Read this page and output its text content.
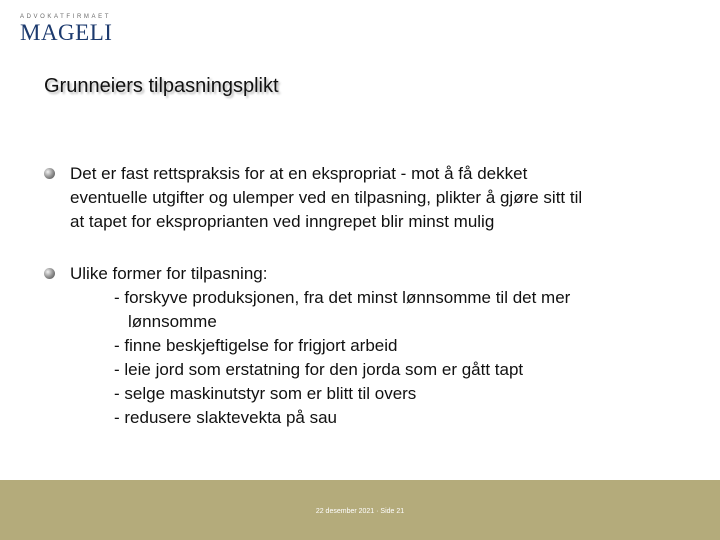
ADVOKATFIRMAET
MAGELI
Grunneiers tilpasningsplikt
Det er fast rettspraksis for at en ekspropriat - mot å få dekket
eventuelle utgifter og ulemper ved en tilpasning, plikter å gjøre sitt til
at tapet for eksproprianten ved inngrepet blir minst mulig
Ulike former for tilpasning:
- forskyve produksjonen, fra det minst lønnsomme til det mer
lønnsomme
- finne beskjeftigelse for frigjort arbeid
- leie jord som erstatning for den jorda som er gått tapt
- selge maskinutstyr som er blitt til overs
- redusere slaktevekta på sau
22 desember 2021 · Side 21
